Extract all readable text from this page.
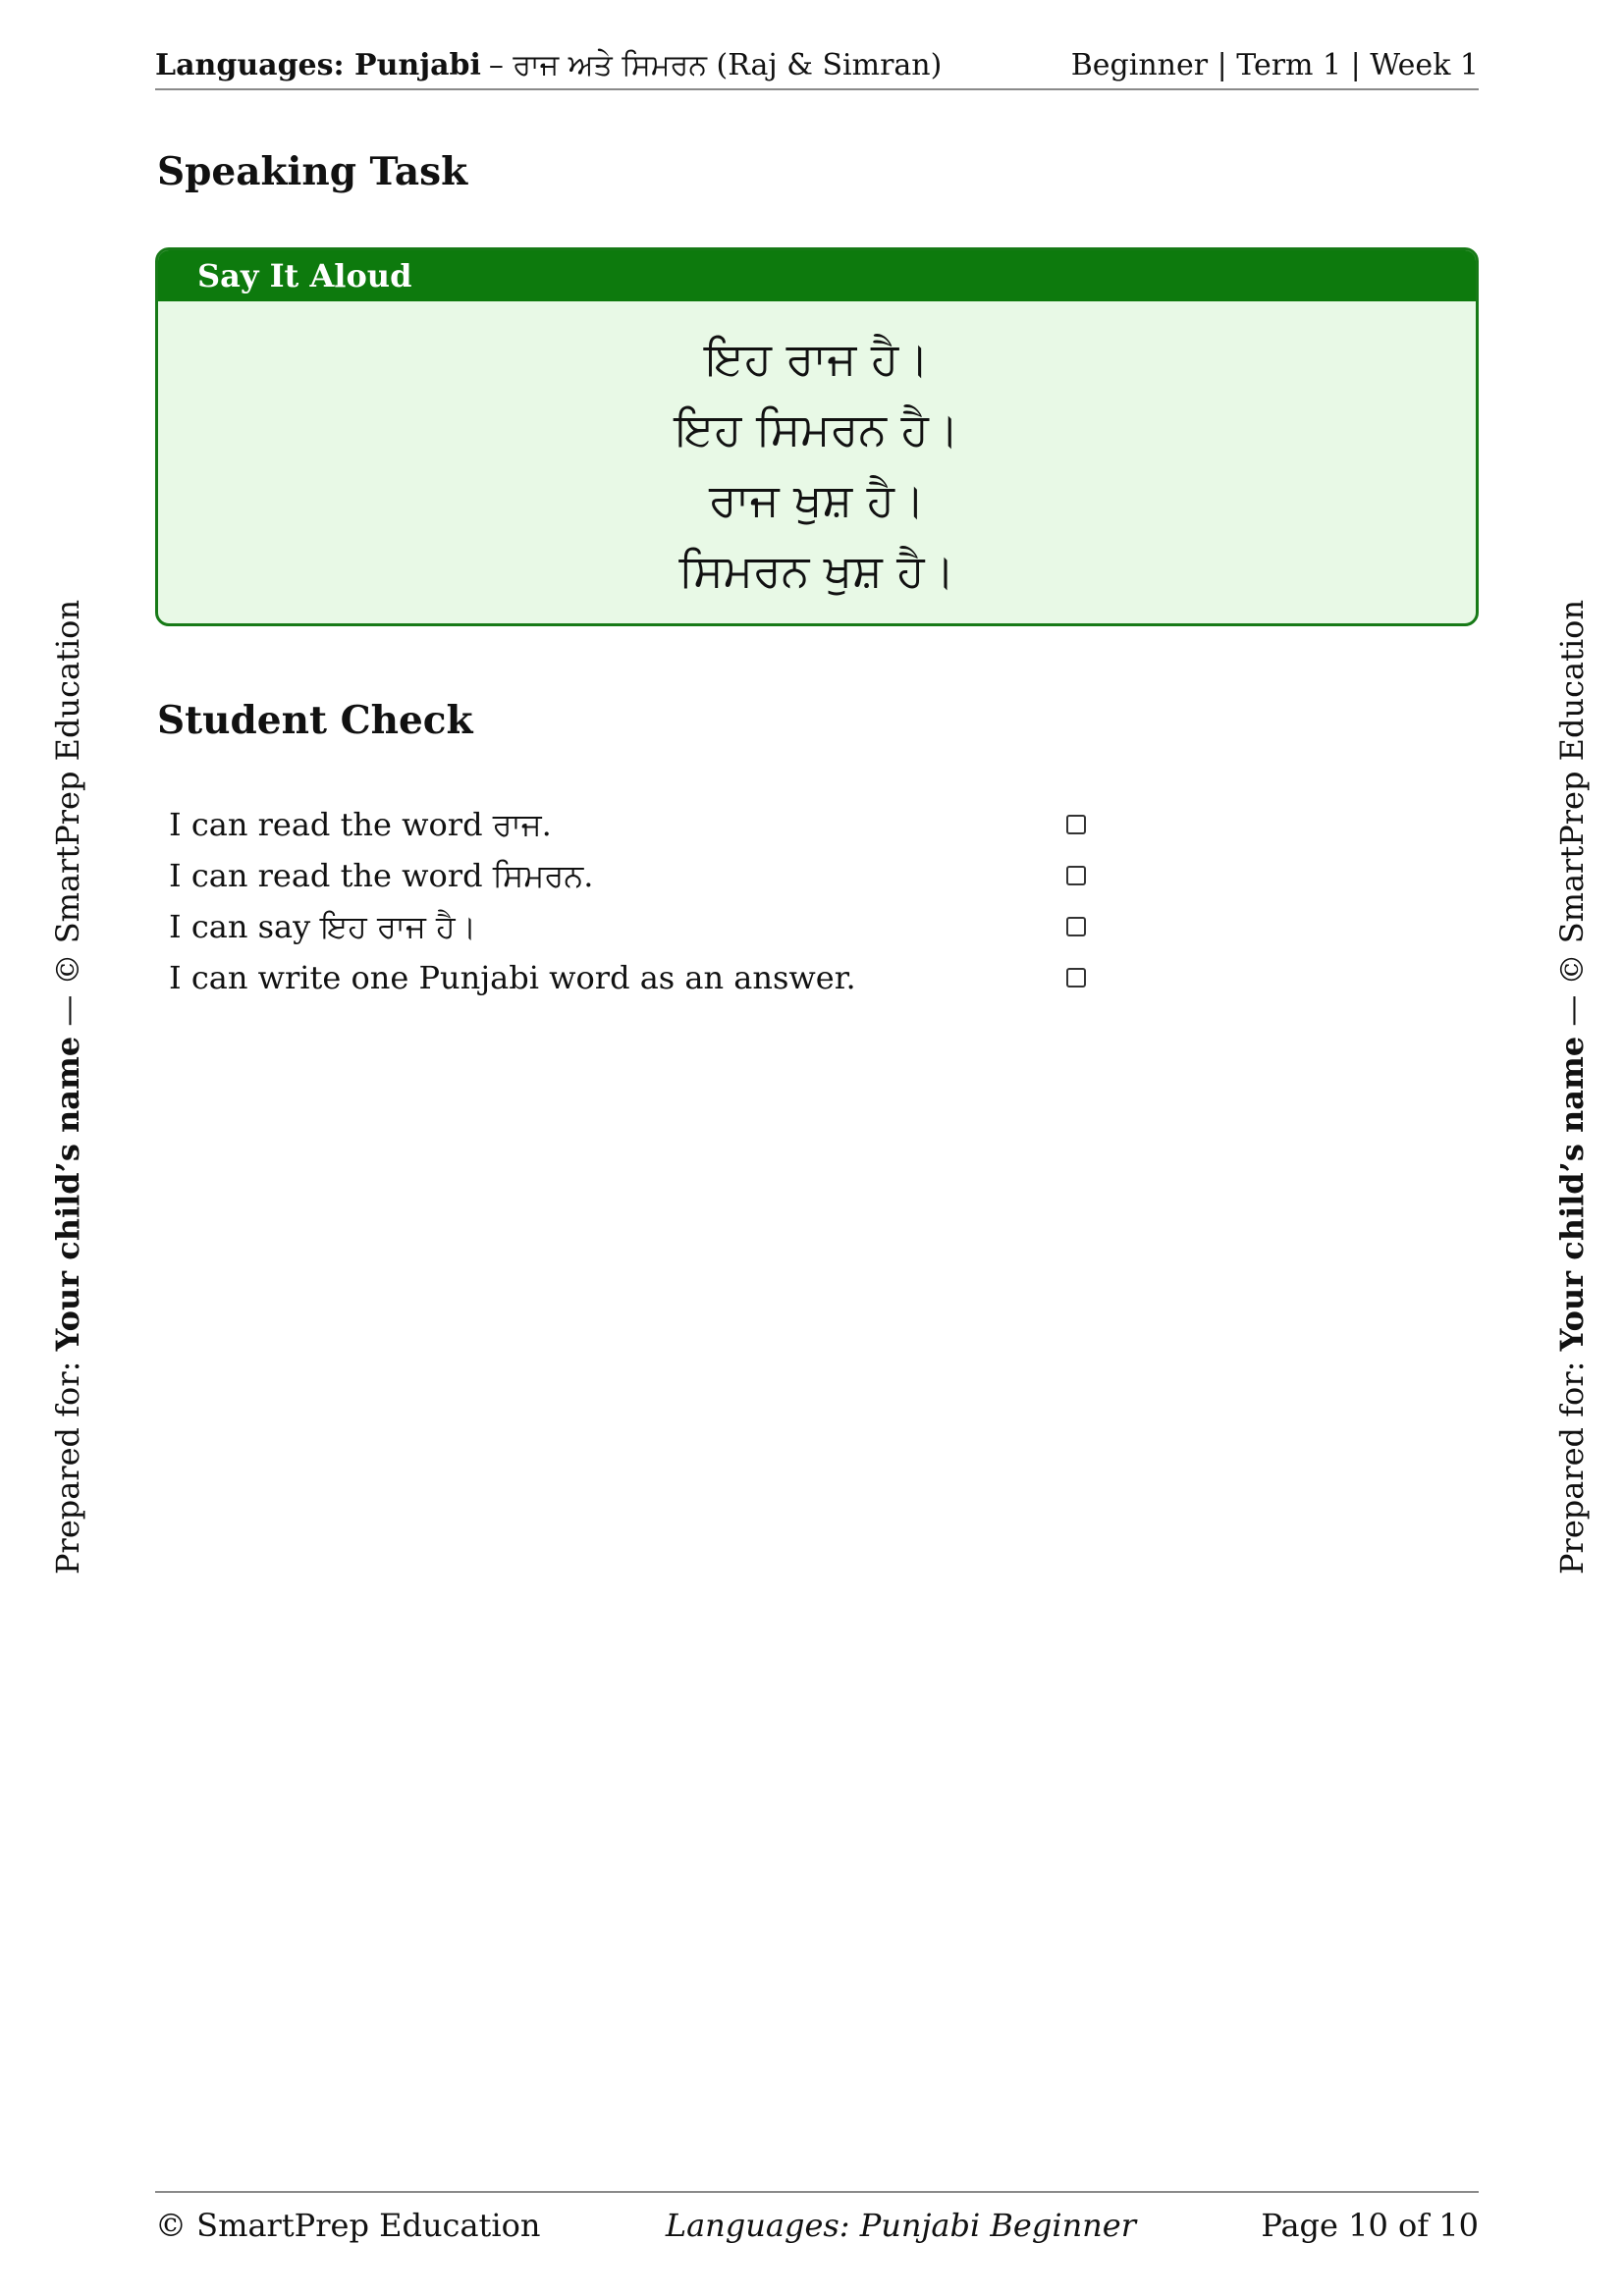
Languages: Punjabi – ਰਾਜ ਅਤੇ ਸਿਮਰਨ (Raj & Simran)	Beginner | Term 1 | Week 1
Speaking Task
Say It Aloud
ਇਹ ਰਾਜ ਹੈ।
ਇਹ ਸਿਮਰਨ ਹੈ।
ਰਾਜ ਖੁਸ਼ ਹੈ।
ਸਿਮਰਨ ਖੁਸ਼ ਹੈ।
Student Check
I can read the word ਰਾਜ.
I can read the word ਸਿਮਰਨ.
I can say ਇਹ ਰਾਜ ਹੈ।
I can write one Punjabi word as an answer.
Prepared for: Your child’s name — © SmartPrep Education
Prepared for: Your child’s name — © SmartPrep Education
© SmartPrep Education	Languages: Punjabi Beginner	Page 10 of 10
